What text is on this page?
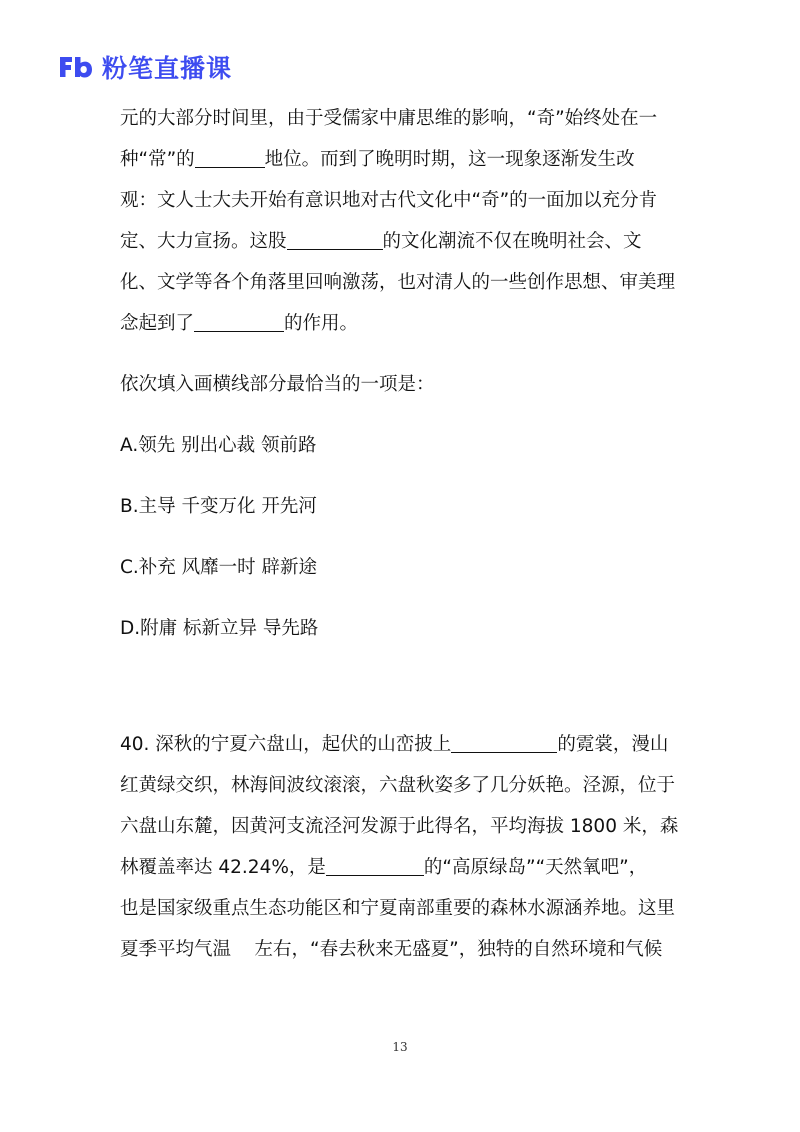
粉笔直播课
元的大部分时间里，由于受儒家中庸思维的影响，“奇”始终处在一
种“常”的	地位。而到了晚明时期，这一现象逐渐发生改
观：文人士大夫开始有意识地对古代文化中“奇”的一面加以充分肯
定、大力宣扬。这股	的文化潮流不仅在晚明社会、文
化、文学等各个角落里回响激荡，也对清人的一些创作思想、审美理
念起到了	的作用。
依次填入画横线部分最恰当的一项是：
A.领先 别出心裁 领前路
B.主导 千变万化 开先河
C.补充 风靡一时 辟新途
D.附庸 标新立异 导先路
40. 深秋的宁夏六盘山，起伏的山峦披上	的霓裳，漫山
红黄绿交织，林海间波纹滚滚，六盘秋姿多了几分妖艳。泾源，位于
六盘山东麓，因黄河支流泾河发源于此得名，平均海拔 1800 米，森
林覆盖率达 42.24%，是	的“高原绿岛”“天然氧吧”，
也是国家级重点生态功能区和宁夏南部重要的森林水源涵养地。这里
夏季平均气温    左右，“春去秋来无盛夏”，独特的自然环境和气候
13
